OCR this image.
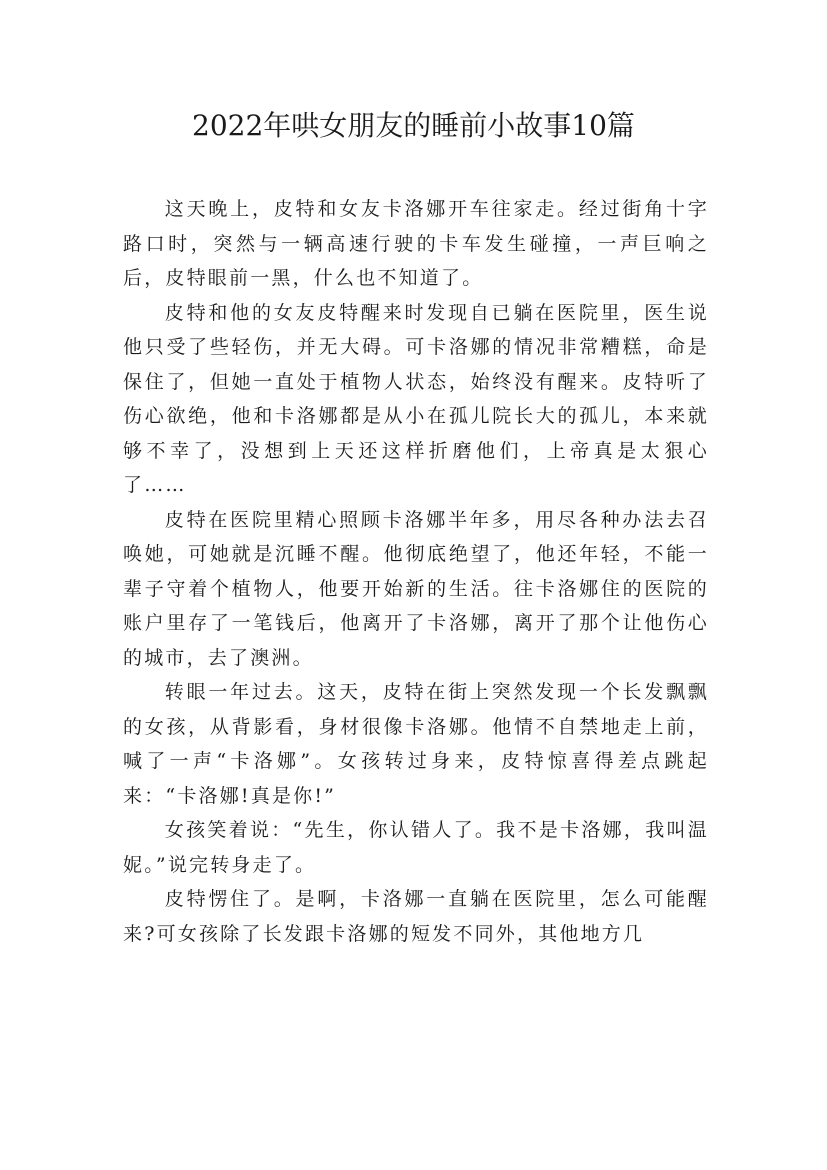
2022年哄女朋友的睡前小故事10篇

这天晚上，皮特和女友卡洛娜开车往家走。经过街角十字路口时，突然与一辆高速行驶的卡车发生碰撞，一声巨响之后，皮特眼前一黑，什么也不知道了。

皮特和他的女友皮特醒来时发现自已躺在医院里，医生说他只受了些轻伤，并无大碍。可卡洛娜的情况非常糟糕，命是保住了，但她一直处于植物人状态，始终没有醒来。皮特听了伤心欲绝，他和卡洛娜都是从小在孤儿院长大的孤儿，本来就够不幸了，没想到上天还这样折磨他们，上帝真是太狠心了……

皮特在医院里精心照顾卡洛娜半年多，用尽各种办法去召唤她，可她就是沉睡不醒。他彻底绝望了，他还年轻，不能一辈子守着个植物人，他要开始新的生活。往卡洛娜住的医院的账户里存了一笔钱后，他离开了卡洛娜，离开了那个让他伤心的城市，去了澳洲。

转眼一年过去。这天，皮特在街上突然发现一个长发飘飘的女孩，从背影看，身材很像卡洛娜。他情不自禁地走上前，喊了一声“卡洛娜”。女孩转过身来，皮特惊喜得差点跳起来：“卡洛娜!真是你!”

女孩笑着说：“先生，你认错人了。我不是卡洛娜，我叫温妮。”说完转身走了。

皮特愣住了。是啊，卡洛娜一直躺在医院里，怎么可能醒来?可女孩除了长发跟卡洛娜的短发不同外，其他地方几
